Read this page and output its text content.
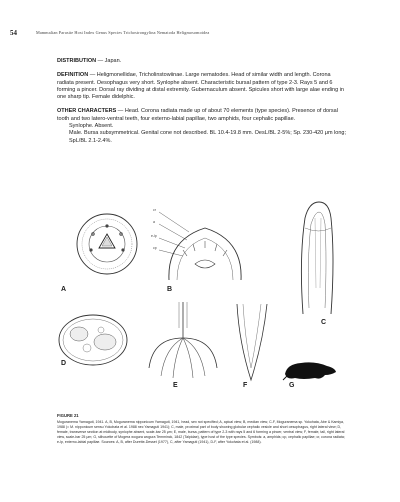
54	Mammalian Parasite Host Index Genus Species Trichostrongylina Nematoda Heligmosomoidea

DISTRIBUTION — Japan.

DEFINITION — Heligmonellidae, Tricholinstowiinae. Large nematodes. Head of similar width and length. Corona radiata present. Oesophagus very short. Synlophe absent. Characteristic bursal pattern of type 2-3. Rays 5 and 6 forming a pincer. Dorsal ray dividing at distal extremity. Gubernaculum absent. Spicules short with large alae ending in one sharp tip. Female didelphic.

OTHER CHARACTERS — Head. Corona radiata made up of about 70 elements (type species). Presence of dorsal tooth and two latero-ventral teeth, four externo-labial papillae, two amphids, four cephalic papillae.

Synlophe. Absent.

Male. Bursa subsymmetrical. Genital cone not described. BL 10.4-19.8 mm. OesL/BL 2-5%; Sp. 230-420 μm long; SpL/BL 2.1-2.4%.

cr
a
e-lp
cp
A	B
C
D
E	F	G
FIGURE 21
Moguranema Yamaguti, 1941. A, B, Moguranema nipponicum Yamaguti, 1941, head, sex not specified; A, apical view; B, median view; C-F, Moguranema sp. Yokohata, Abe & Kamiya, 1988 (= M. nipponicum sensu Yokohata et al. 1988 nec Yamaguti 1941); C, male, proximal part of body showing globular cephalic vesicle and short oesophagus, right lateral view; D, female, transverse section at midbody, synlophe absent, scale-bar 25 μm; E, male, bursa, pattern of type 2-3 with rays 5 and 6 forming a pincer, ventral view; F, female, tail, right lateral view, scale-bar 25 μm; G, silhouette of Mogera wogura wogura Temminck, 1842 (Talpidae), type host of the type species. Symbols: a, amphids; cp, cephalic papillae; cr, corona radiata; e-lp, externo-labial papillae. Sources: A, B, after Durette-Desset (1977), C, after Yamaguti (1941), D-F, after Yokohata et al. (1988).
